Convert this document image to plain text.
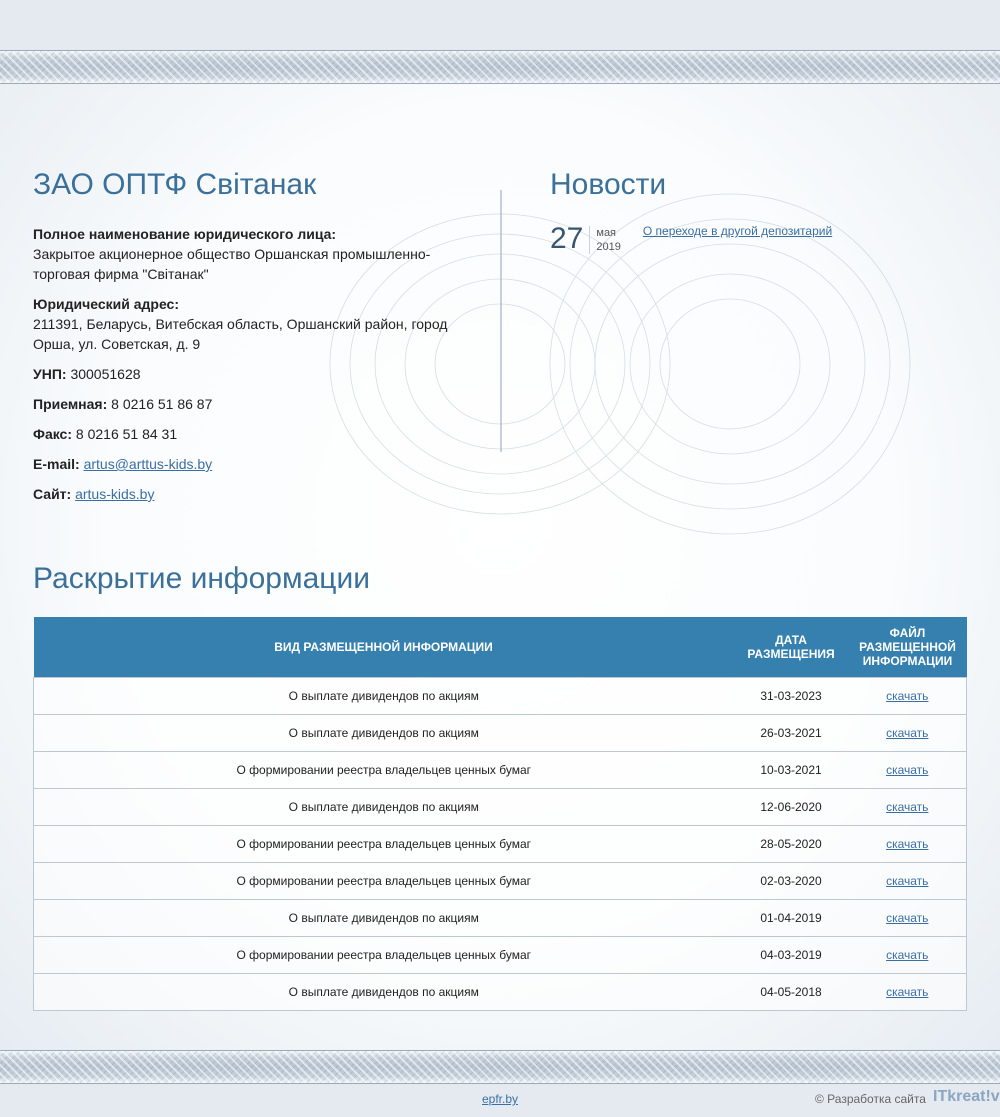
ЗАО ОПТФ Світанак
Полное наименование юридического лица:
Закрытое акционерное общество Оршанская промышленно-торговая фирма "Світанак"
Юридический адрес:
211391, Беларусь, Витебская область, Оршанский район, город Орша, ул. Советская, д. 9
УНП: 300051628
Приемная: 8 0216 51 86 87
Факс: 8 0216 51 84 31
E-mail: artus@arttus-kids.by
Сайт: artus-kids.by
Новости
27	мая
2019
О переходе в другой депозитарий
Раскрытие информации
ВИД РАЗМЕЩЕННОЙ ИНФОРМАЦИИ	ДАТА РАЗМЕЩЕНИЯ	ФАЙЛ РАЗМЕЩЕННОЙ ИНФОРМАЦИИ
О выплате дивидендов по акциям	31-03-2023	скачать
О выплате дивидендов по акциям	26-03-2021	скачать
О формировании реестра владельцев ценных бумаг	10-03-2021	скачать
О выплате дивидендов по акциям	12-06-2020	скачать
О формировании реестра владельцев ценных бумаг	28-05-2020	скачать
О формировании реестра владельцев ценных бумаг	02-03-2020	скачать
О выплате дивидендов по акциям	01-04-2019	скачать
О формировании реестра владельцев ценных бумаг	04-03-2019	скачать
О выплате дивидендов по акциям	04-05-2018	скачать
epfr.by	© Разработка сайта ITkreat!v
